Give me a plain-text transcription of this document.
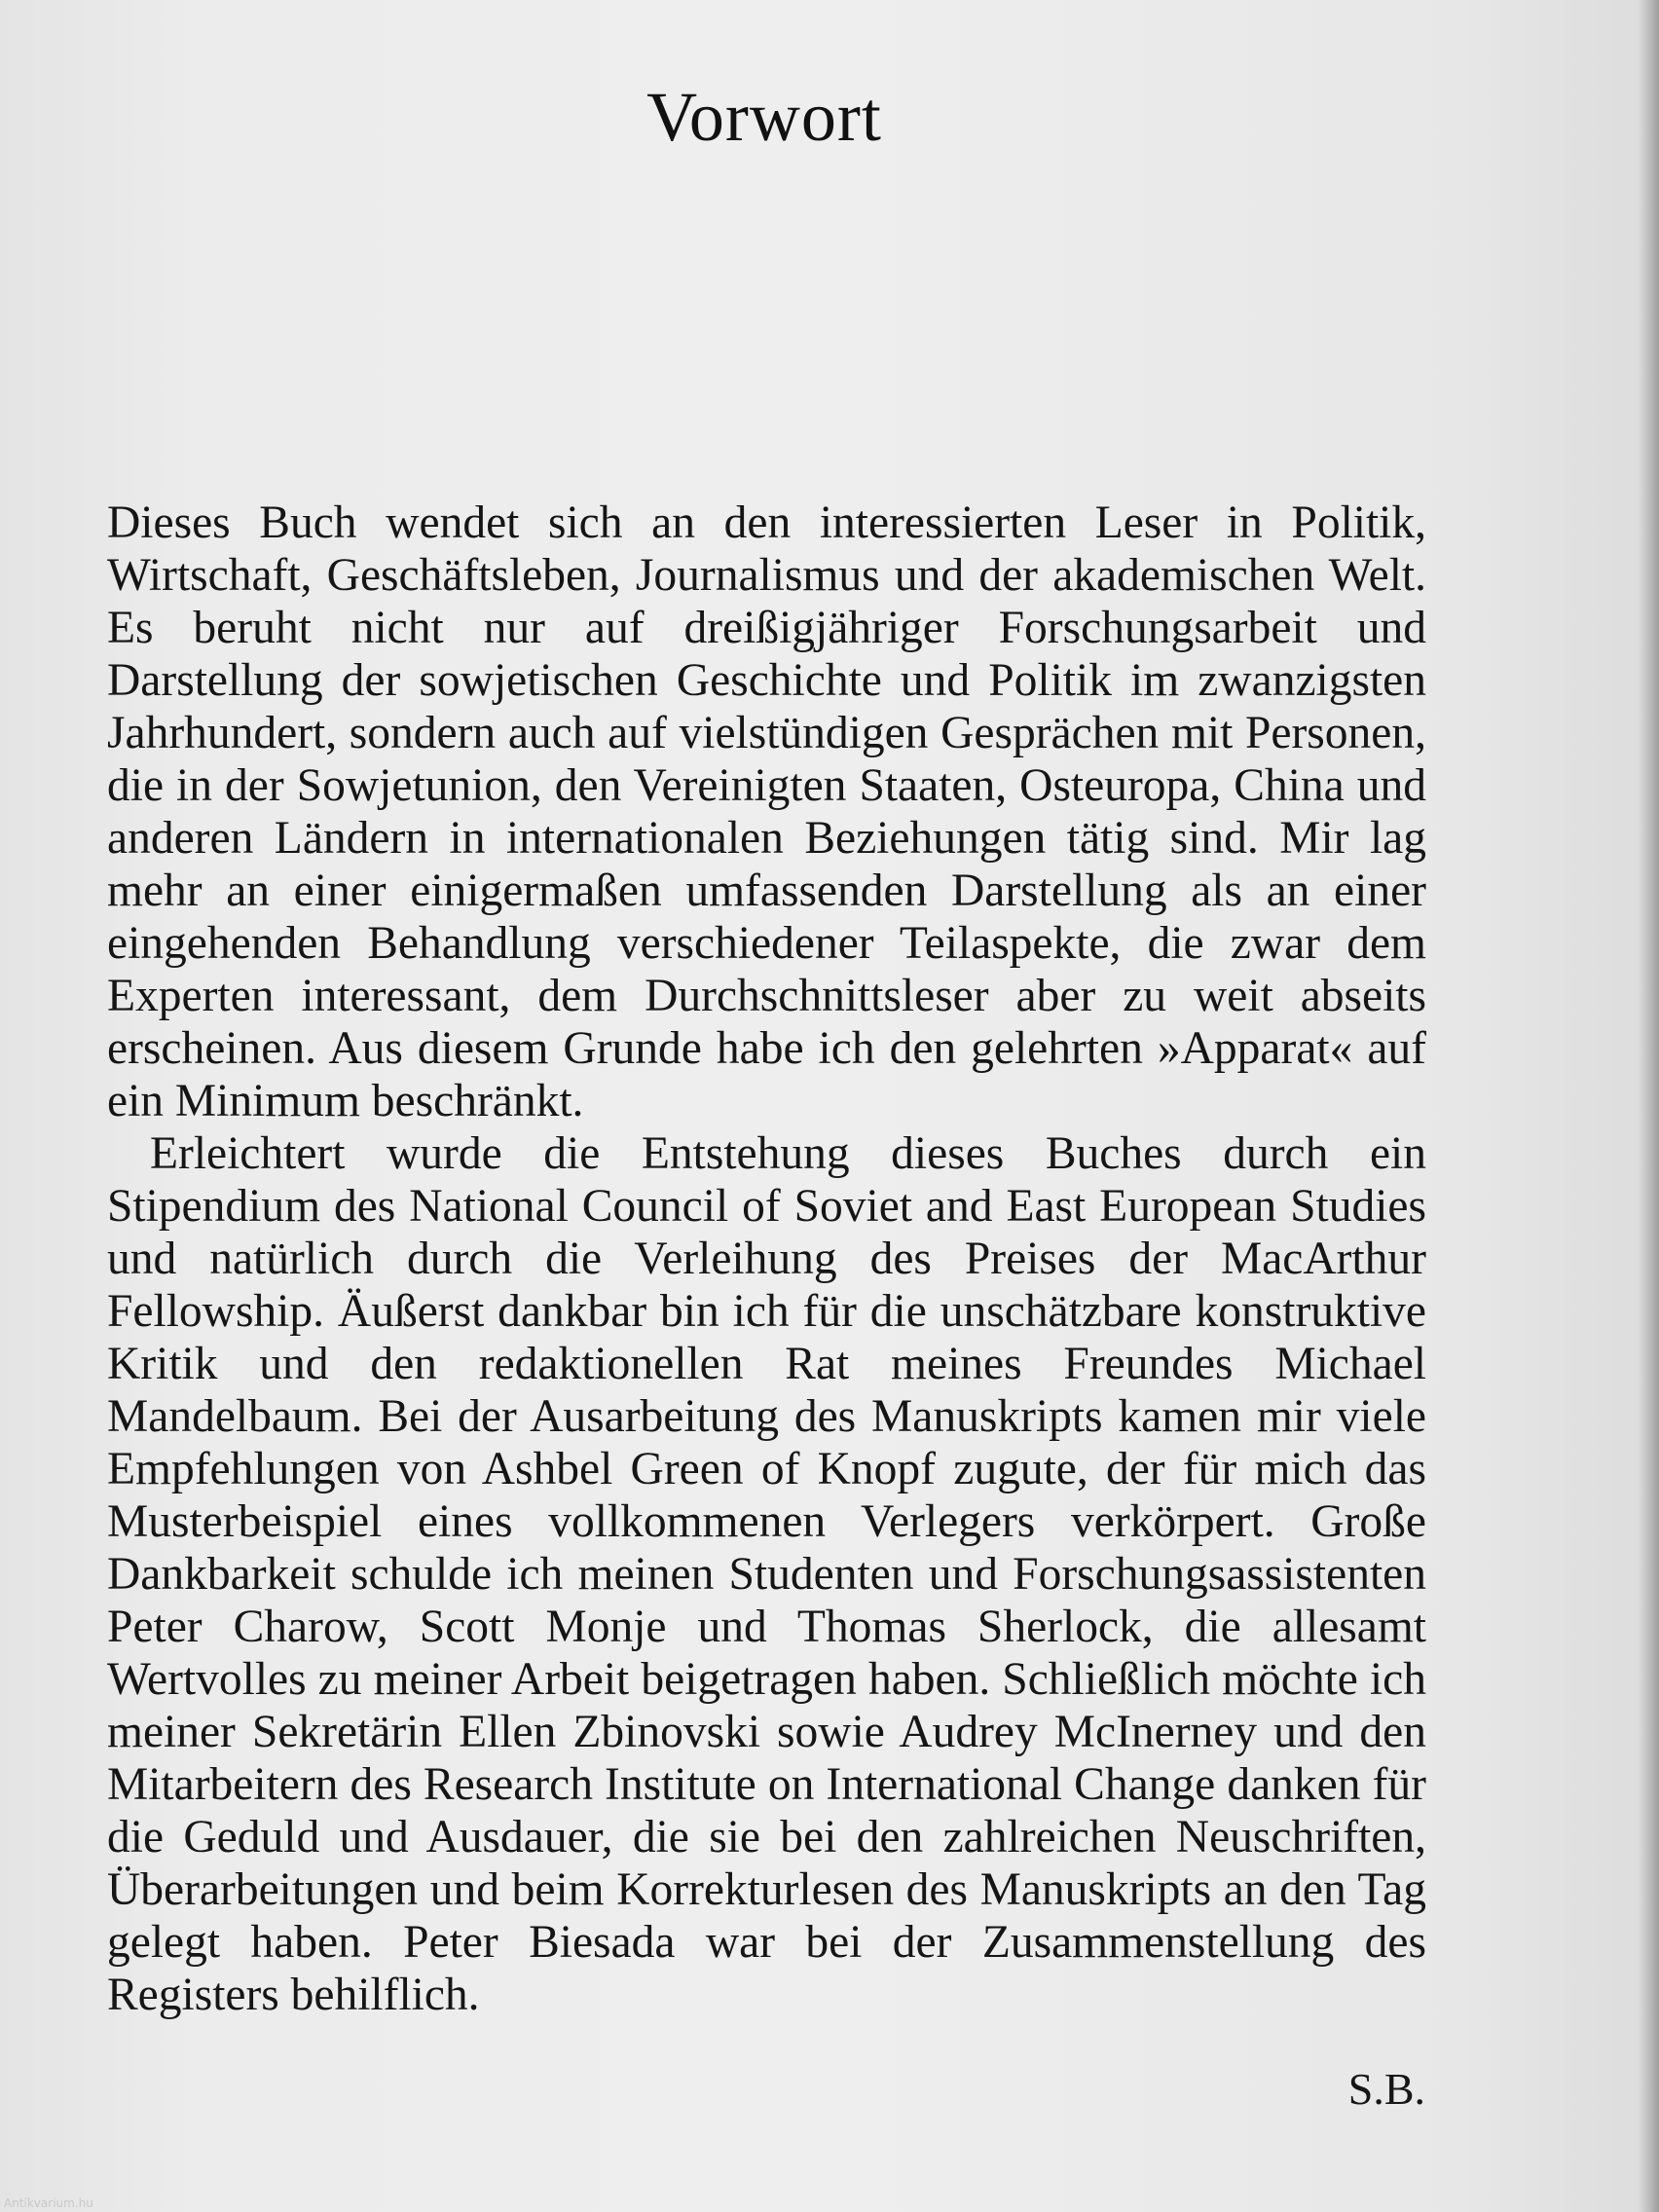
Vorwort

Dieses Buch wendet sich an den interessierten Leser in Politik, Wirtschaft, Geschäftsleben, Journalismus und der akademischen Welt. Es beruht nicht nur auf dreißigjähriger Forschungsarbeit und Darstellung der sowjetischen Geschichte und Politik im zwanzigsten Jahrhundert, sondern auch auf vielstündigen Gesprächen mit Personen, die in der Sowjetunion, den Vereinigten Staaten, Osteuropa, China und anderen Ländern in internationalen Beziehungen tätig sind. Mir lag mehr an einer einigermaßen umfassenden Darstellung als an einer eingehenden Behandlung verschiedener Teilaspekte, die zwar dem Experten interessant, dem Durchschnittsleser aber zu weit abseits erscheinen. Aus diesem Grunde habe ich den gelehrten »Apparat« auf ein Minimum beschränkt.

Erleichtert wurde die Entstehung dieses Buches durch ein Stipendium des National Council of Soviet and East European Studies und natürlich durch die Verleihung des Preises der MacArthur Fellowship. Äußerst dankbar bin ich für die unschätzbare konstruktive Kritik und den redaktionellen Rat meines Freundes Michael Mandelbaum. Bei der Ausarbeitung des Manuskripts kamen mir viele Empfehlungen von Ashbel Green of Knopf zugute, der für mich das Musterbeispiel eines vollkommenen Verlegers verkörpert. Große Dankbarkeit schulde ich meinen Studenten und Forschungsassistenten Peter Charow, Scott Monje und Thomas Sherlock, die allesamt Wertvolles zu meiner Arbeit beigetragen haben. Schließlich möchte ich meiner Sekretärin Ellen Zbinovski sowie Audrey McInerney und den Mitarbeitern des Research Institute on International Change danken für die Geduld und Ausdauer, die sie bei den zahlreichen Neuschriften, Überarbeitungen und beim Korrekturlesen des Manuskripts an den Tag gelegt haben. Peter Biesada war bei der Zusammenstellung des Registers behilflich.

S.B.

Antikvarium.hu
